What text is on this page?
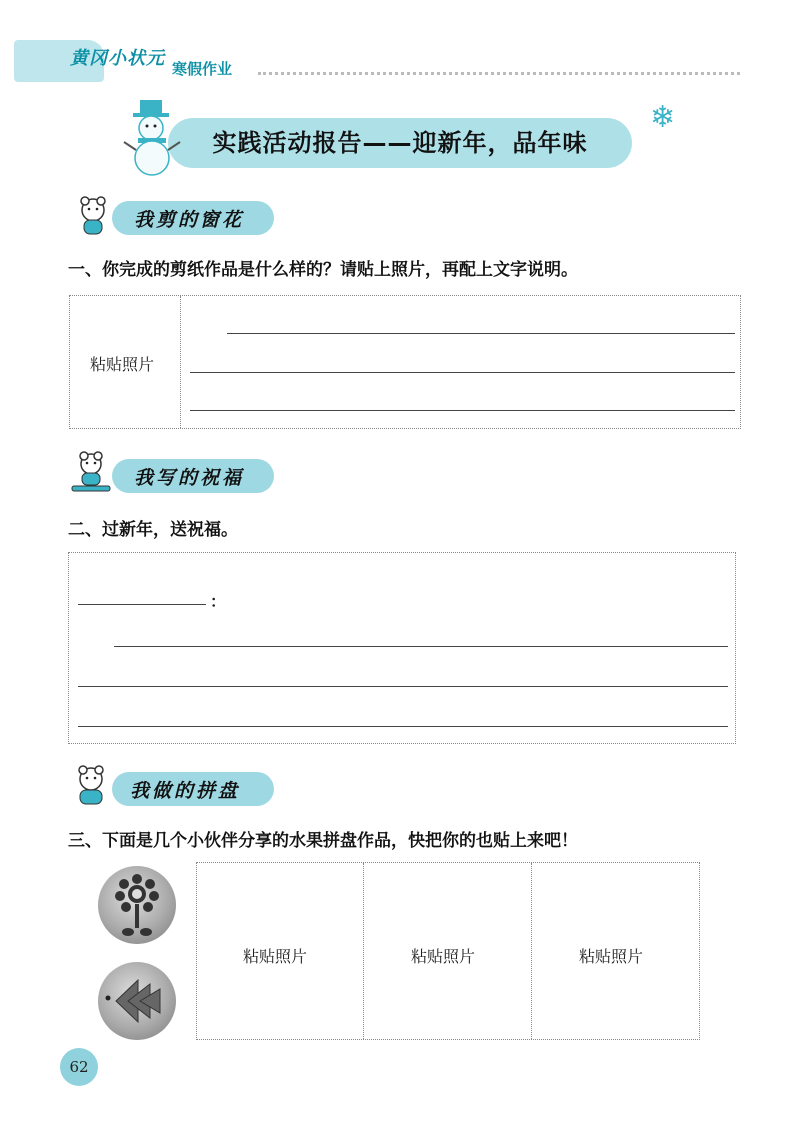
黄冈小状元 寒假作业
实践活动报告——迎新年，品年味
❄
我剪的窗花
一、你完成的剪纸作品是什么样的？请贴上照片，再配上文字说明。
粘贴照片
我写的祝福
二、过新年，送祝福。
：
我做的拼盘
三、下面是几个小伙伴分享的水果拼盘作品，快把你的也贴上来吧！
粘贴照片	粘贴照片	粘贴照片
62
